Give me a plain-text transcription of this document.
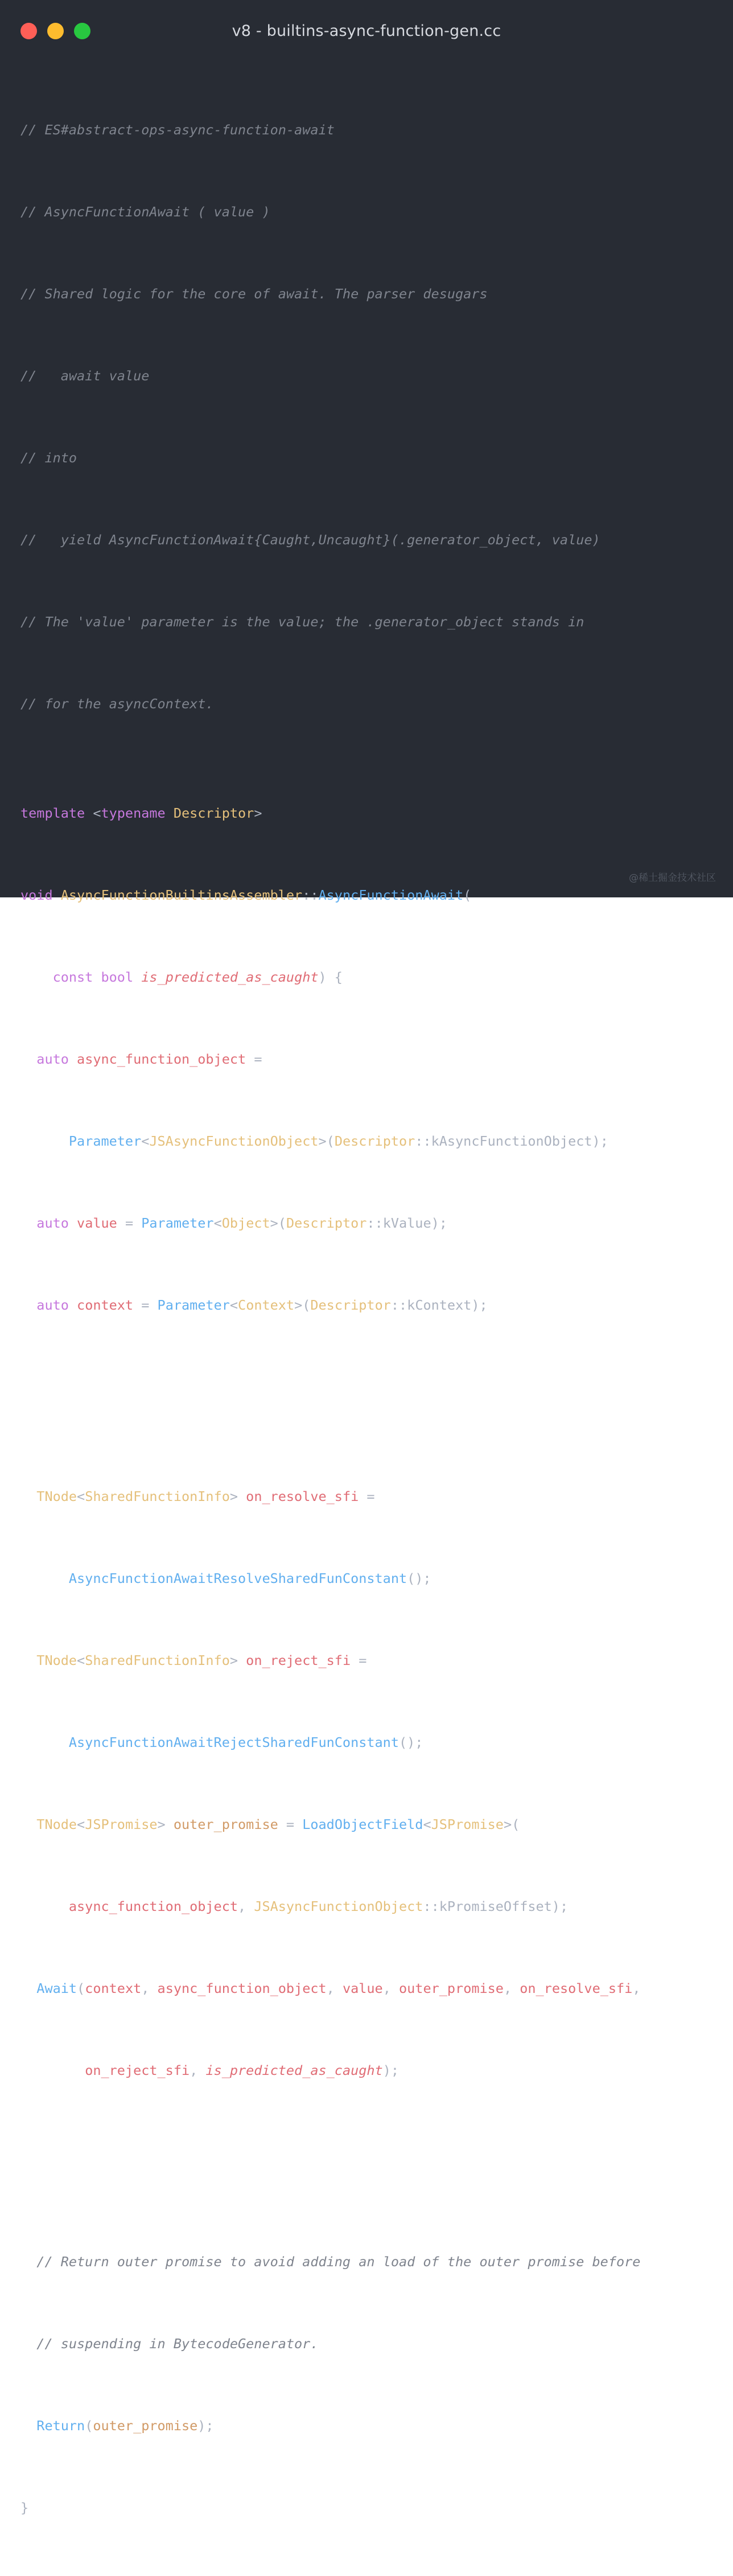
v8 - builtins-async-function-gen.cc

// ES#abstract-ops-async-function-await

// AsyncFunctionAwait ( value )

// Shared logic for the core of await. The parser desugars

//   await value

// into

//   yield AsyncFunctionAwait{Caught,Uncaught}(.generator_object, value)

// The 'value' parameter is the value; the .generator_object stands in

// for the asyncContext.

template <typename Descriptor>

void AsyncFunctionBuiltinsAssembler::AsyncFunctionAwait(

const bool is_predicted_as_caught) {

auto async_function_object =

Parameter<JSAsyncFunctionObject>(Descriptor::kAsyncFunctionObject);

auto value = Parameter<Object>(Descriptor::kValue);

auto context = Parameter<Context>(Descriptor::kContext);

TNode<SharedFunctionInfo> on_resolve_sfi =

AsyncFunctionAwaitResolveSharedFunConstant();

TNode<SharedFunctionInfo> on_reject_sfi =

AsyncFunctionAwaitRejectSharedFunConstant();

TNode<JSPromise> outer_promise = LoadObjectField<JSPromise>(

async_function_object, JSAsyncFunctionObject::kPromiseOffset);

Await(context, async_function_object, value, outer_promise, on_resolve_sfi,

on_reject_sfi, is_predicted_as_caught);

// Return outer promise to avoid adding an load of the outer promise before

// suspending in BytecodeGenerator.

Return(outer_promise);

}

@稀土掘金技术社区
